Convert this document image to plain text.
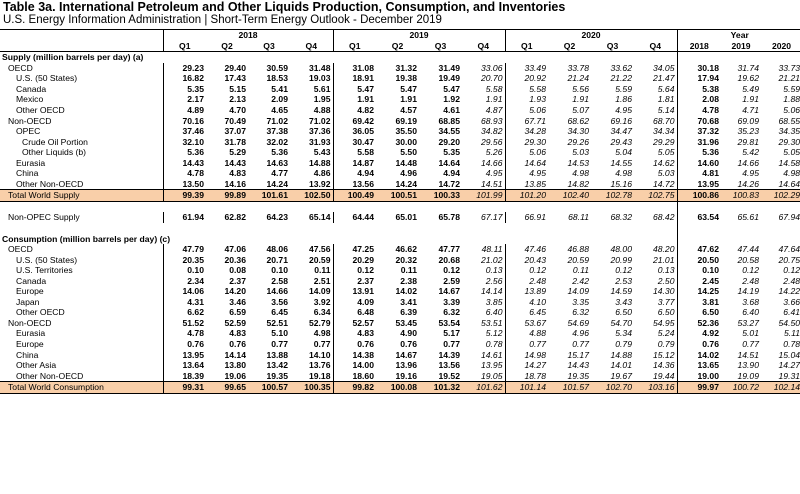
Table 3a. International Petroleum and Other Liquids Production, Consumption, and Inventories
U.S. Energy Information Administration | Short-Term Energy Outlook - December 2019
	2018				2019				2020				Year		
	Q1	Q2	Q3	Q4	Q1	Q2	Q3	Q4	Q1	Q2	Q3	Q4	2018	2019	2020
Supply (million barrels per day) (a)															
OECD	29.23	29.40	30.59	31.48	31.08	31.32	31.49	33.06	33.49	33.78	33.62	34.05	30.18	31.74	33.73
U.S. (50 States)	16.82	17.43	18.53	19.03	18.91	19.38	19.49	20.70	20.92	21.24	21.22	21.47	17.94	19.62	21.21
Canada	5.35	5.15	5.41	5.61	5.47	5.47	5.47	5.58	5.58	5.56	5.59	5.64	5.38	5.49	5.59
Mexico	2.17	2.13	2.09	1.95	1.91	1.91	1.92	1.91	1.93	1.91	1.86	1.81	2.08	1.91	1.88
Other OECD	4.89	4.70	4.65	4.88	4.82	4.57	4.61	4.87	5.06	5.07	4.95	5.14	4.78	4.71	5.06
Non-OECD	70.16	70.49	71.02	71.02	69.42	69.19	68.85	68.93	67.71	68.62	69.16	68.70	70.68	69.09	68.55
OPEC	37.46	37.07	37.38	37.36	36.05	35.50	34.55	34.82	34.28	34.30	34.47	34.34	37.32	35.23	34.35
Crude Oil Portion	32.10	31.78	32.02	31.93	30.47	30.00	29.20	29.56	29.30	29.26	29.43	29.29	31.96	29.81	29.30
Other Liquids (b)	5.36	5.29	5.36	5.43	5.58	5.50	5.35	5.26	5.06	5.03	5.04	5.05	5.36	5.42	5.05
Eurasia	14.43	14.43	14.63	14.88	14.87	14.48	14.64	14.66	14.64	14.53	14.55	14.62	14.60	14.66	14.58
China	4.78	4.83	4.77	4.86	4.94	4.96	4.94	4.95	4.95	4.98	4.98	5.03	4.81	4.95	4.98
Other Non-OECD	13.50	14.16	14.24	13.92	13.56	14.24	14.72	14.51	13.85	14.82	15.16	14.72	13.95	14.26	14.64
Total World Supply	99.39	99.89	101.61	102.50	100.49	100.51	100.33	101.99	101.20	102.40	102.78	102.75	100.86	100.83	102.29

Non-OPEC Supply	61.94	62.82	64.23	65.14	64.44	65.01	65.78	67.17	66.91	68.11	68.32	68.42	63.54	65.61	67.94

Consumption (million barrels per day) (c)															
OECD	47.79	47.06	48.06	47.56	47.25	46.62	47.77	48.11	47.46	46.88	48.00	48.20	47.62	47.44	47.64
U.S. (50 States)	20.35	20.36	20.71	20.59	20.29	20.32	20.68	21.02	20.43	20.59	20.99	21.01	20.50	20.58	20.75
U.S. Territories	0.10	0.08	0.10	0.11	0.12	0.11	0.12	0.13	0.12	0.11	0.12	0.13	0.10	0.12	0.12
Canada	2.34	2.37	2.58	2.51	2.37	2.38	2.59	2.56	2.48	2.42	2.53	2.50	2.45	2.48	2.48
Europe	14.06	14.20	14.66	14.09	13.91	14.02	14.67	14.14	13.89	14.09	14.59	14.30	14.25	14.19	14.22
Japan	4.31	3.46	3.56	3.92	4.09	3.41	3.39	3.85	4.10	3.35	3.43	3.77	3.81	3.68	3.66
Other OECD	6.62	6.59	6.45	6.34	6.48	6.39	6.32	6.40	6.45	6.32	6.50	6.50	6.50	6.40	6.41
Non-OECD	51.52	52.59	52.51	52.79	52.57	53.45	53.54	53.51	53.67	54.69	54.70	54.95	52.36	53.27	54.50
Eurasia	4.78	4.83	5.10	4.98	4.83	4.90	5.17	5.12	4.88	4.96	5.34	5.24	4.92	5.01	5.11
Europe	0.76	0.76	0.77	0.77	0.76	0.76	0.77	0.78	0.77	0.77	0.79	0.79	0.76	0.77	0.78
China	13.95	14.14	13.88	14.10	14.38	14.67	14.39	14.61	14.98	15.17	14.88	15.12	14.02	14.51	15.04
Other Asia	13.64	13.80	13.42	13.76	14.00	13.96	13.56	13.95	14.27	14.43	14.01	14.36	13.65	13.90	14.27
Other Non-OECD	18.39	19.06	19.35	19.18	18.60	19.16	19.52	19.05	18.78	19.35	19.67	19.44	19.00	19.09	19.31
Total World Consumption	99.31	99.65	100.57	100.35	99.82	100.08	101.32	101.62	101.14	101.57	102.70	103.16	99.97	100.72	102.14
